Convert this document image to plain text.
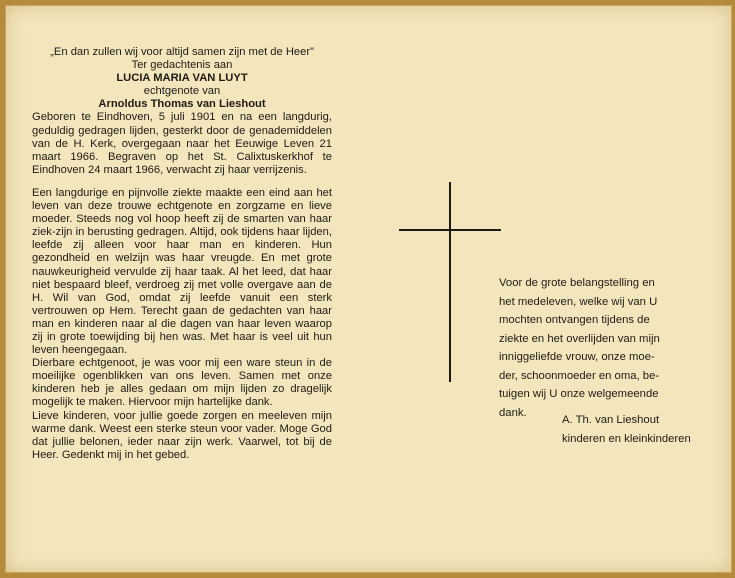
„En dan zullen wij voor altijd samen zijn met de Heer”
Ter gedachtenis aan
LUCIA MARIA VAN LUYT
echtgenote van
Arnoldus Thomas van Lieshout
Geboren te Eindhoven, 5 juli 1901 en na een langdurig, geduldig gedragen lijden, gesterkt door de genademiddelen van de H. Kerk, overgegaan naar het Eeuwige Leven 21 maart 1966. Begraven op het St. Calixtuskerkhof te Eindhoven 24 maart 1966, verwacht zij haar verrijzenis.
Een langdurige en pijnvolle ziekte maakte een eind aan het leven van deze trouwe echtgenote en zorgzame en lieve moeder. Steeds nog vol hoop heeft zij de smarten van haar ziek-zijn in berusting gedragen. Altijd, ook tijdens haar lijden, leefde zij alleen voor haar man en kinderen. Hun gezondheid en welzijn was haar vreugde. En met grote nauwkeurigheid vervulde zij haar taak. Al het leed, dat haar niet bespaard bleef, verdroeg zij met volle overgave aan de H. Wil van God, omdat zij leefde vanuit een sterk vertrouwen op Hem. Terecht gaan de gedachten van haar man en kinderen naar al die dagen van haar leven waarop zij in grote toewijding bij hen was. Met haar is veel uit hun leven heengegaan.
Dierbare echtgenoot, je was voor mij een ware steun in de moeilijke ogenblikken van ons leven. Samen met onze kinderen heb je alles gedaan om mijn lijden zo dragelijk mogelijk te maken. Hiervoor mijn hartelijke dank.
Lieve kinderen, voor jullie goede zorgen en meeleven mijn warme dank. Weest een sterke steun voor vader. Moge God dat jullie belonen, ieder naar zijn werk. Vaarwel, tot bij de Heer. Gedenkt mij in het gebed.
Voor de grote belangstelling en
het medeleven, welke wij van U
mochten ontvangen tijdens de
ziekte en het overlijden van mijn
inniggeliefde vrouw, onze moe-
der, schoonmoeder en oma, be-
tuigen wij U onze welgemeende
dank.
A. Th. van Lieshout
kinderen en kleinkinderen
